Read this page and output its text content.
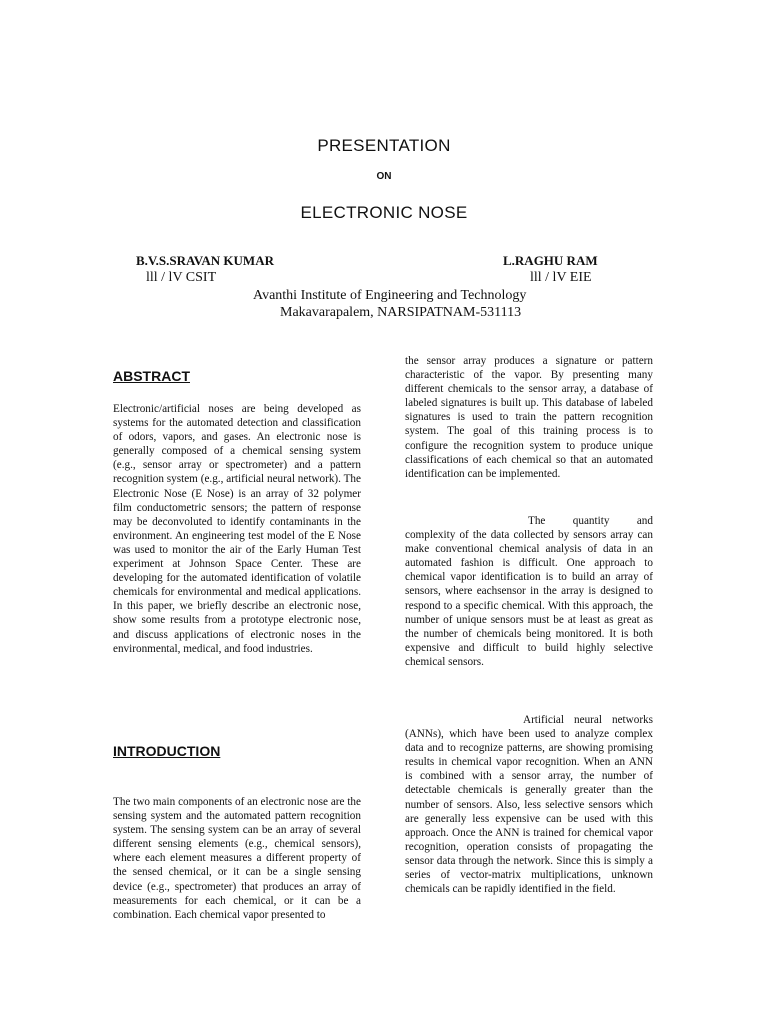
PRESENTATION
ON
ELECTRONIC NOSE
B.V.S.SRAVAN KUMAR
lll / lV CSIT
L.RAGHU RAM
lll / lV EIE
Avanthi Institute of Engineering and Technology
Makavarapalem, NARSIPATNAM-531113
ABSTRACT
Electronic/artificial noses are being developed as systems for the automated detection and classification of odors, vapors, and gases. An electronic nose is generally composed of a chemical sensing system (e.g., sensor array or spectrometer) and a pattern recognition system (e.g., artificial neural network). The Electronic Nose (E Nose) is an array of 32 polymer film conductometric sensors; the pattern of response may be deconvoluted to identify contaminants in the environment. An engineering test model of the E Nose was used to monitor the air of the Early Human Test experiment at Johnson Space Center. These are developing for the automated identification of volatile chemicals for environmental and medical applications. In this paper, we briefly describe an electronic nose, show some results from a prototype electronic nose, and discuss applications of electronic noses in the environmental, medical, and food industries.
INTRODUCTION
The two main components of an electronic nose are the sensing system and the automated pattern recognition system. The sensing system can be an array of several different sensing elements (e.g., chemical sensors), where each element measures a different property of the sensed chemical, or it can be a single sensing device (e.g., spectrometer) that produces an array of measurements for each chemical, or it can be a combination. Each chemical vapor presented to
the sensor array produces a signature or pattern characteristic of the vapor. By presenting many different chemicals to the sensor array, a database of labeled signatures is built up. This database of labeled signatures is used to train the pattern recognition system. The goal of this training process is to configure the recognition system to produce unique classifications of each chemical so that an automated identification can be implemented.
The quantity and complexity of the data collected by sensors array can make conventional chemical analysis of data in an automated fashion is difficult. One approach to chemical vapor identification is to build an array of sensors, where eachsensor in the array is designed to respond to a specific chemical. With this approach, the number of unique sensors must be at least as great as the number of chemicals being monitored. It is both expensive and difficult to build highly selective chemical sensors.
Artificial neural networks (ANNs), which have been used to analyze complex data and to recognize patterns, are showing promising results in chemical vapor recognition. When an ANN is combined with a sensor array, the number of detectable chemicals is generally greater than the number of sensors. Also, less selective sensors which are generally less expensive can be used with this approach. Once the ANN is trained for chemical vapor recognition, operation consists of propagating the sensor data through the network. Since this is simply a series of vector-matrix multiplications, unknown chemicals can be rapidly identified in the field.
